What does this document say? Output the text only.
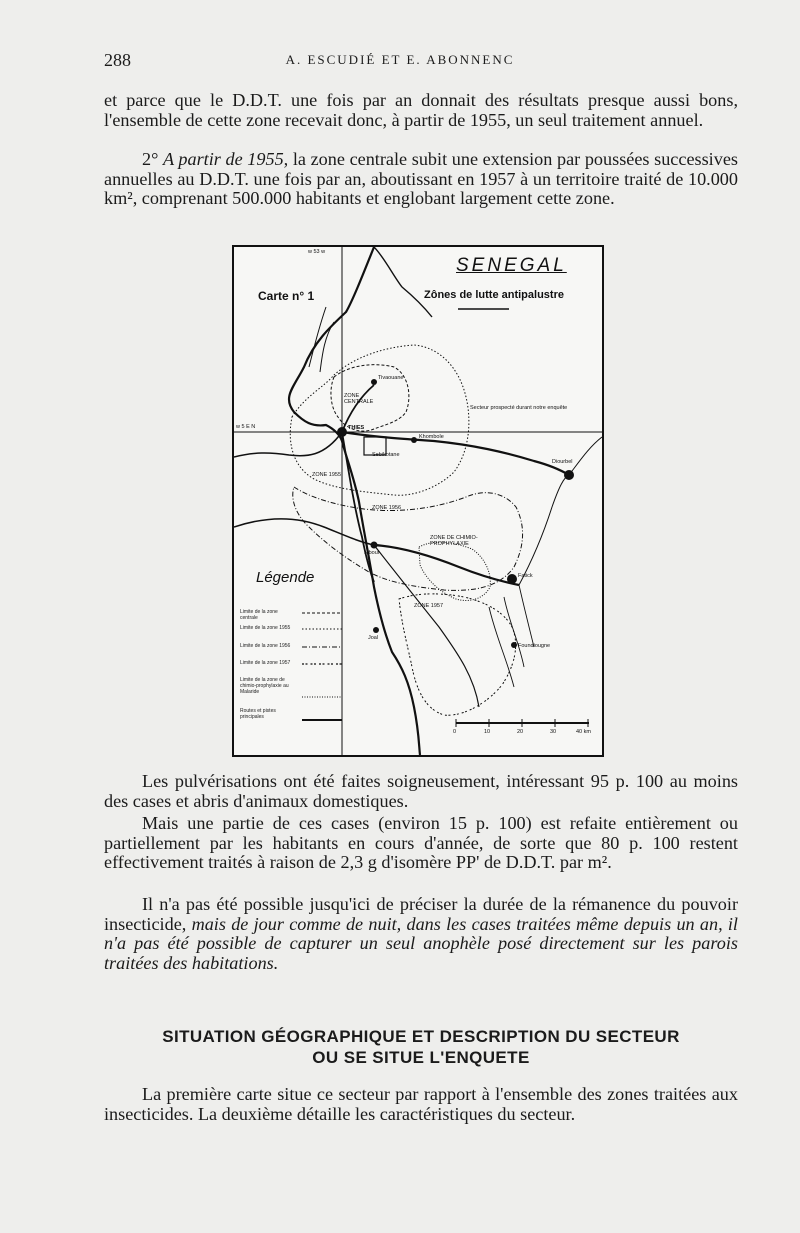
288	A. ESCUDIÉ ET E. ABONNENC

et parce que le D.D.T. une fois par an donnait des résultats presque aussi bons, l'ensemble de cette zone recevait donc, à partir de 1955, un seul traitement annuel.

2° A partir de 1955, la zone centrale subit une extension par poussées successives annuelles au D.D.T. une fois par an, aboutissant en 1957 à un territoire traité de 10.000 km², comprenant 500.000 habitants et englobant largement cette zone.

SENEGAL
Zônes de lutte antipalustre
Carte n° 1
w 53 w
w 5 E N	THIES
Tivaouane
Khombole
Diourbel
Mbour
Joal
Fatick
Foundiougne
Sebikotane
ZONE CENTRALE
ZONE 1955
ZONE 1956
ZONE 1957
ZONE DE CHIMIO-PROPHYLAXIE
Secteur prospecté durant notre enquête
Légende
Limite de la zone centrale
Limite de la zone 1955
Limite de la zone 1956
Limite de la zone 1957
Limite de la zone de chimio-prophylaxie au Malaride
Routes et pistes principales
0	10	20	30	40 km

Les pulvérisations ont été faites soigneusement, intéressant 95 p. 100 au moins des cases et abris d'animaux domestiques.

Mais une partie de ces cases (environ 15 p. 100) est refaite entièrement ou partiellement par les habitants en cours d'année, de sorte que 80 p. 100 restent effectivement traités à raison de 2,3 g d'isomère PP' de D.D.T. par m².

Il n'a pas été possible jusqu'ici de préciser la durée de la rémanence du pouvoir insecticide, mais de jour comme de nuit, dans les cases traitées même depuis un an, il n'a pas été possible de capturer un seul anophèle posé directement sur les parois traitées des habitations.

SITUATION GÉOGRAPHIQUE ET DESCRIPTION DU SECTEUR
OU SE SITUE L'ENQUETE

La première carte situe ce secteur par rapport à l'ensemble des zones traitées aux insecticides. La deuxième détaille les caractéristiques du secteur.
